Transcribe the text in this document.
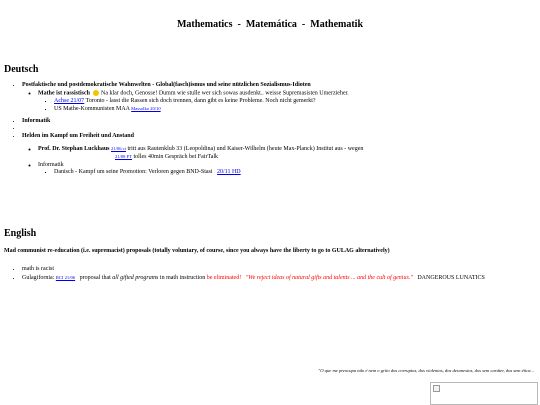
Mathematics  -  Matemática  -  Mathematik
Deutsch
• Postfaktische und postdemokratische Wahnwelten - Global(fasch)ismus und seine nützlichen Sozialismus-Idioten
◦ Mathe ist rassistisch Na klar doch, Genosse! Dumm wie stulle wer sich sowas ausdenkt.. weisse Supremasisten Umerzieher.
▪ Achse 21/07 Toronto - lasst die Rassen sich doch trennen, dann gibt es keine Probleme. Noch nicht gemerkt?
▪ US Mathe-Kommunisten MAA Massolko 20/10
• Informatik
•
• Helden im Kampf um Freiheit und Anstand
◦ Prof. Dr. Stephan Luckhaus 21/06 ct tritt aus Rautenklub 33 (Leopoldina) und Kaiser-Wilhelm (heute Max-Planck) Institut aus - wegen
21/08 FT tolles 40min Gespräch bei FairTalk
◦ Informatik
▪ Danisch - Kampf um seine Promotion: Verloren gegen BND-Stasi 20/11 HD
English
Mad communist re-education (i.e. supremacist) proposals (totally voluntary, of course, since you always have the liberty to go to GULAG alternatively)
• math is racist
• Gulagifornia: RCI 21/06 proposal that all gifted programs in math instruction be eliminated! "We reject ideas of natural gifts and talents ... and the cult of genius." DANGEROUS LUNATICS
"O que me preocupa não é nem o grito dos corruptos, dos violentos, dos desonestos, dos sem caráter, dos sem ética...
